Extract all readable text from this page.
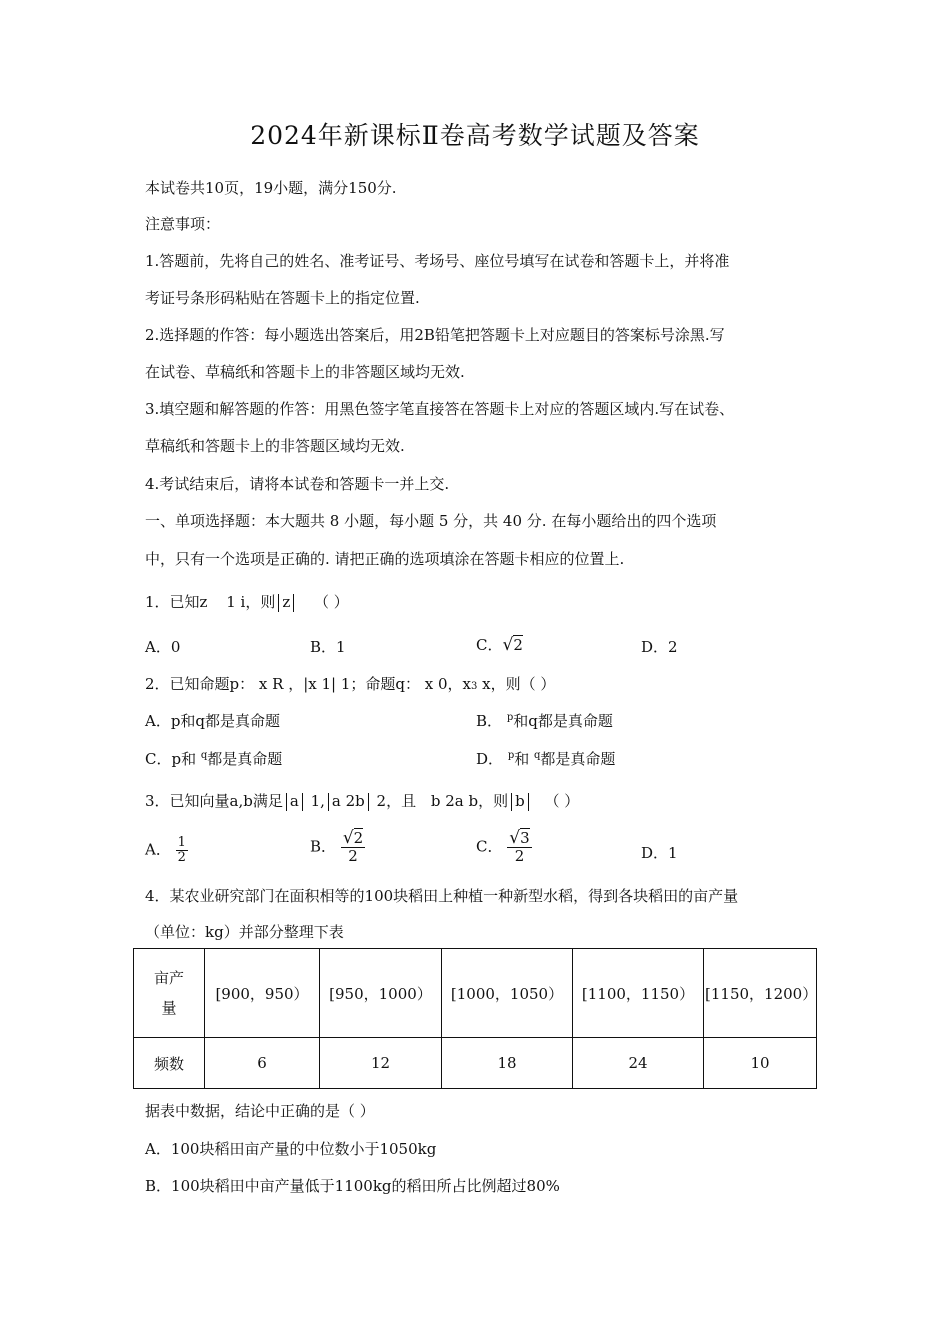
2024年新课标Ⅱ卷高考数学试题及答案
本试卷共10页，19小题，满分150分.
注意事项：
1.答题前，先将自己的姓名、准考证号、考场号、座位号填写在试卷和答题卡上，并将准
考证号条形码粘贴在答题卡上的指定位置.
2.选择题的作答：每小题选出答案后，用2B铅笔把答题卡上对应题目的答案标号涂黑.写
在试卷、草稿纸和答题卡上的非答题区域均无效.
3.填空题和解答题的作答：用黑色签字笔直接答在答题卡上对应的答题区域内.写在试卷、
草稿纸和答题卡上的非答题区域均无效.
4.考试结束后，请将本试卷和答题卡一并上交.
一、单项选择题：本大题共 8 小题，每小题 5 分，共 40 分. 在每小题给出的四个选项
中，只有一个选项是正确的. 请把正确的选项填涂在答题卡相应的位置上.
1．已知z 1 i，则 z （ ）
A．0	B．1	C．√2	D．2
2．已知命题p： x R ，|x 1| 1；命题q： x 0，x3 x，则（ ）
A．p和q都是真命题	B． $^p$和q都是真命题
C．p和 $^q$都是真命题	D． $^p$和 $^q$都是真命题
3．已知向量a,b满足 a 1, a 2b 2，且 b 2a b，则 b （ ）
A． $\frac{1}{2}$	B． $\frac{√2}{2}$	C． $\frac{√3}{2}$	D．1
4．某农业研究部门在面积相等的100块稻田上种植一种新型水稻，得到各块稻田的亩产量
（单位：kg）并部分整理下表
亩产
量	[900，950）	[950，1000）	[1000，1050）	[1100，1150）	[1150，1200）
频数	6	12	18	24	10
据表中数据，结论中正确的是（ ）
A．100块稻田亩产量的中位数小于1050kg
B．100块稻田中亩产量低于1100kg的稻田所占比例超过80%
